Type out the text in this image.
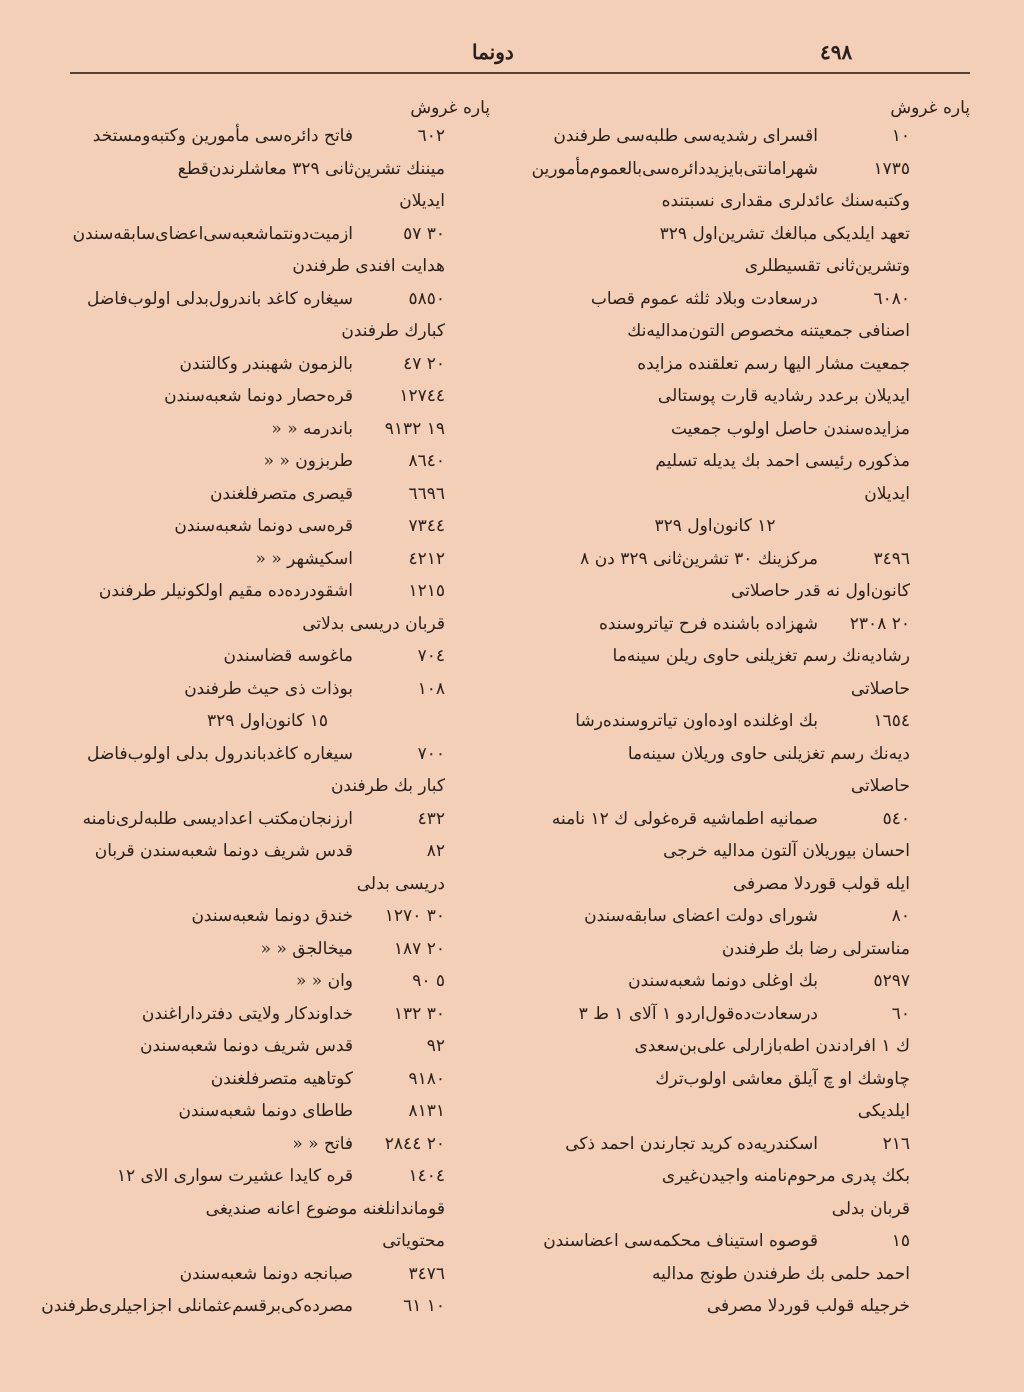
٤٩٨
دونما
پاره غروش
پاره غروش
١٠
اقسرای رشدیه‌سی طلبه‌سی طرفندن
١٧٣٥
شهرامانتی‌بایزیددائره‌سی‌بالعموم‌مأمورین
وکتبه‌سنك عائدلری مقداری نسبتنده
تعهد ایلدیکی مبالغك تشرین‌اول ٣٢٩
وتشرین‌ثانی تقسیطلری
٦٠٨٠
درسعادت وبلاد ثلثه عموم قصاب
اصنافی جمعیتنه مخصوص التون‌مدالیه‌نك
جمعیت مشار الیها رسم تعلقنده مزایده
ایدیلان برعدد رشادیه قارت پوستالی
مزایده‌سندن حاصل اولوب جمعیت
مذکوره رئیسی احمد بك یدیله تسلیم
ایدیلان
١٢ کانون‌اول ٣٢٩
٣٤٩٦
مرکزینك ٣٠ تشرین‌ثانی ٣٢٩ دن ٨
کانون‌اول نه قدر حاصلاتی
٢٠ ٢٣٠٨
شهزاده باشنده فرح تیاتروسنده
رشادیه‌نك رسم تغزیلنی حاوی ریلن سینه‌ما
حاصلاتی
١٦٥٤
بك اوغلنده اوده‌اون تیاتروسنده‌رشا
دیه‌نك رسم تغزیلنی حاوی وریلان سینه‌ما
حاصلاتی
٥٤٠
صمانیه اطماشیه قره‌غولی ك ١٢ نامنه
احسان بیوریلان آلتون مدالیه خرجی
ایله قولب قوردلا مصرفی
٨٠
شورای دولت اعضای سابقه‌سندن
مناسترلی رضا بك طرفندن
٥٢٩٧
بك اوغلی دونما شعبه‌سندن
٦٠
درسعادت‌ده‌قول‌اردو ١ آلای ١ ط ٣
ك ١ افرادندن اطه‌بازارلی علی‌بن‌سعدی
چاوشك او چ آیلق معاشی اولوب‌ترك
ایلدیکی
٢١٦
اسکندریه‌ده کرید تجارندن احمد ذکی
بکك پدری مرحوم‌نامنه واجیدن‌غیری
قربان بدلی
١٥
قوصوه استیناف محکمه‌سی اعضاسندن
احمد حلمی بك طرفندن طونج مدالیه
خرجیله قولب قوردلا مصرفی
٦٠٢
فاتح دائره‌سی مأمورین وکتبه‌ومستخد
میننك تشرین‌ثانی ٣٢٩ معاشلرندن‌قطع
ایدیلان
٣٠ ٥٧
ازمیت‌دونتماشعبه‌سی‌اعضای‌سابقه‌سندن
هدایت افندی طرفندن
٥٨٥٠
سیغاره کاغد باندرول‌بدلی اولوب‌فاضل
کبارك طرفندن
٢٠ ٤٧
بالزمون شهبندر وکالتندن
١٢٧٤٤
قره‌حصار دونما شعبه‌سندن
١٩ ٩١٣٢
باندرمه « «
٨٦٤٠
طربزون « «
٦٦٩٦
قیصری متصرفلغندن
٧٣٤٤
قره‌سی دونما شعبه‌سندن
٤٢١٢
اسکیشهر « «
١٢١٥
اشقودرده‌ده مقیم اولکونیلر طرفندن
قربان دریسی بدلاتی
٧٠٤
ماغوسه قضاسندن
١٠٨
بوذات ذی حیث طرفندن
١٥ کانون‌اول ٣٢٩
٧٠٠
سیغاره کاغدباندرول بدلی اولوب‌فاضل
کبار بك طرفندن
٤٣٢
ارزنجان‌مکتب اعدادیسی طلبه‌لری‌نامنه
٨٢
قدس شریف دونما شعبه‌سندن قربان
دریسی بدلی
٣٠ ١٢٧٠
خندق دونما شعبه‌سندن
٢٠ ١٨٧
میخالجق « «
٥ ٩٠
وان « «
٣٠ ١٣٢
خداوندکار ولایتی دفترداراغندن
٩٢
قدس شریف دونما شعبه‌سندن
٩١٨٠
کوتاهیه متصرفلغندن
٨١٣١
طاطای دونما شعبه‌سندن
٢٠ ٢٨٤٤
فاتح « «
١٤٠٤
قره کایدا عشیرت سواری الای ١٢
قوماندانلغنه موضوع اعانه صندیغی
محتویاتی
٣٤٧٦
صبانجه دونما شعبه‌سندن
١٠ ٦١
مصرده‌کی‌برقسم‌عثمانلی اجزاجیلری‌طرفندن
